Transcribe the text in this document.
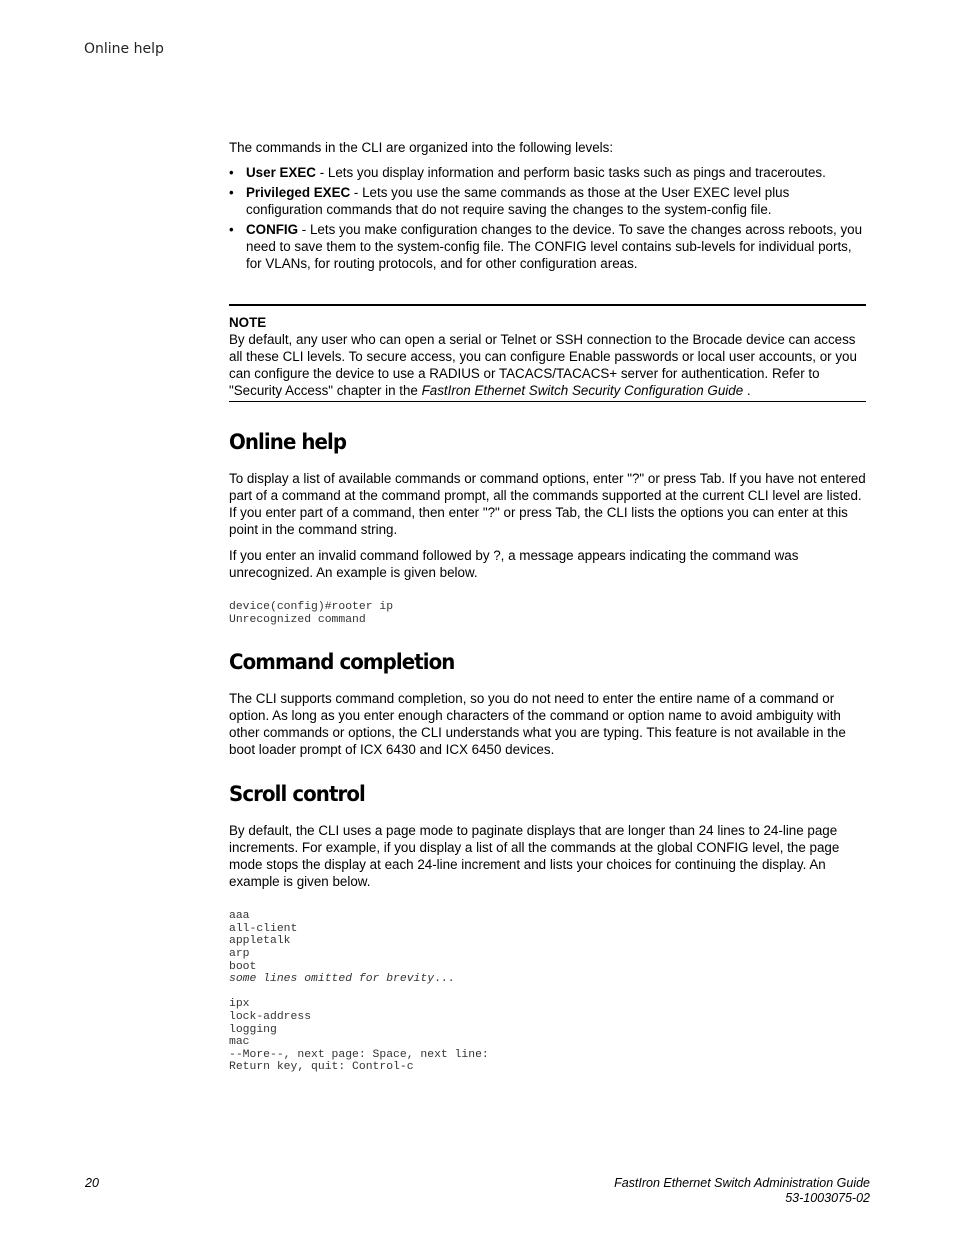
Online help

The commands in the CLI are organized into the following levels:

• User EXEC - Lets you display information and perform basic tasks such as pings and traceroutes.
• Privileged EXEC - Lets you use the same commands as those at the User EXEC level plus configuration commands that do not require saving the changes to the system-config file.
• CONFIG - Lets you make configuration changes to the device. To save the changes across reboots, you need to save them to the system-config file. The CONFIG level contains sub-levels for individual ports, for VLANs, for routing protocols, and for other configuration areas.
NOTE

By default, any user who can open a serial or Telnet or SSH connection to the Brocade device can access all these CLI levels. To secure access, you can configure Enable passwords or local user accounts, or you can configure the device to use a RADIUS or TACACS/TACACS+ server for authentication. Refer to "Security Access" chapter in the FastIron Ethernet Switch Security Configuration Guide .

Online help

To display a list of available commands or command options, enter "?" or press Tab. If you have not entered part of a command at the command prompt, all the commands supported at the current CLI level are listed. If you enter part of a command, then enter "?" or press Tab, the CLI lists the options you can enter at this point in the command string.

If you enter an invalid command followed by ?, a message appears indicating the command was unrecognized. An example is given below.

device(config)#rooter ip
Unrecognized command
Command completion

The CLI supports command completion, so you do not need to enter the entire name of a command or option. As long as you enter enough characters of the command or option name to avoid ambiguity with other commands or options, the CLI understands what you are typing. This feature is not available in the boot loader prompt of ICX 6430 and ICX 6450 devices.

Scroll control

By default, the CLI uses a page mode to paginate displays that are longer than 24 lines to 24-line page increments. For example, if you display a list of all the commands at the global CONFIG level, the page mode stops the display at each 24-line increment and lists your choices for continuing the display. An example is given below.

aaa
all-client
appletalk
arp
boot
some lines omitted for brevity...
ipx
lock-address
logging
mac
--More--, next page: Space, next line:
Return key, quit: Control-c
20	FastIron Ethernet Switch Administration Guide
53-1003075-02
